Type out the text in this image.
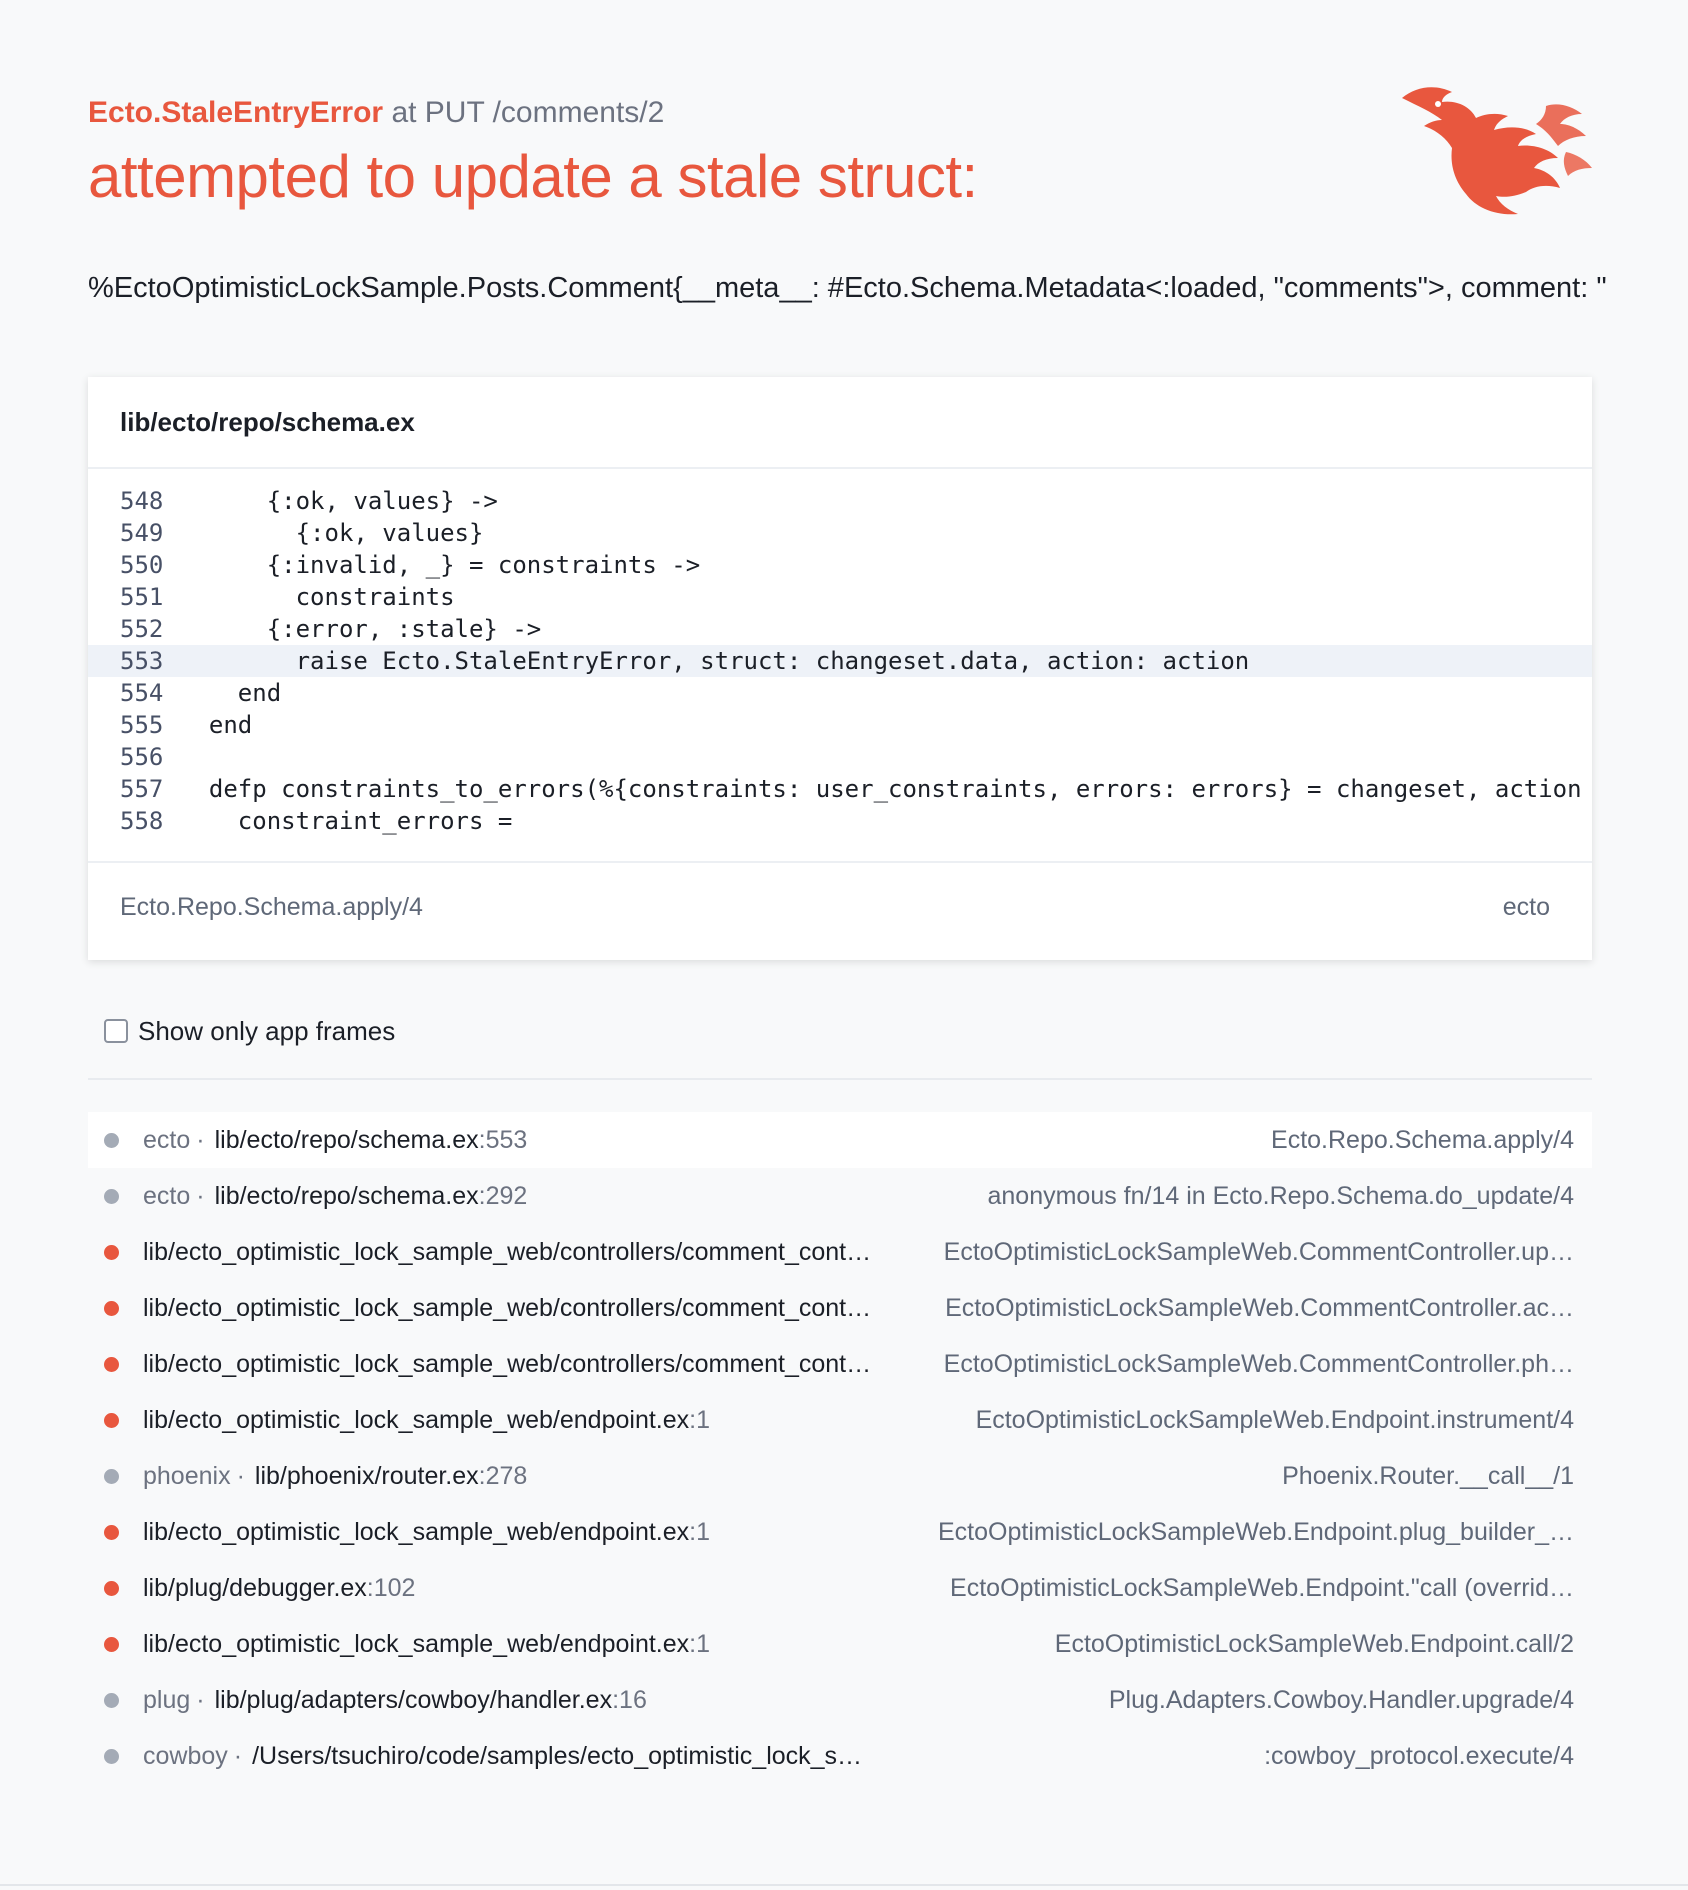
Ecto.StaleEntryError at PUT /comments/2
attempted to update a stale struct:
%EctoOptimisticLockSample.Posts.Comment{__meta__: #Ecto.Schema.Metadata<:loaded, "comments">, comment: "
lib/ecto/repo/schema.ex
548 {:ok, values} ->
549 {:ok, values}
550 {:invalid, _} = constraints ->
551 constraints
552 {:error, :stale} ->
553 raise Ecto.StaleEntryError, struct: changeset.data, action: action
554 end
555 end
556
557 defp constraints_to_errors(%{constraints: user_constraints, errors: errors} = changeset, action
558 constraint_errors =
Ecto.Repo.Schema.apply/4	ecto
Show only app frames
ecto · lib/ecto/repo/schema.ex :553	Ecto.Repo.Schema.apply/4
ecto · lib/ecto/repo/schema.ex :292	anonymous fn/14 in Ecto.Repo.Schema.do_update/4
lib/ecto_optimistic_lock_sample_web/controllers/comment_cont…	EctoOptimisticLockSampleWeb.CommentController.up…
lib/ecto_optimistic_lock_sample_web/controllers/comment_cont…	EctoOptimisticLockSampleWeb.CommentController.ac…
lib/ecto_optimistic_lock_sample_web/controllers/comment_cont…	EctoOptimisticLockSampleWeb.CommentController.ph…
lib/ecto_optimistic_lock_sample_web/endpoint.ex :1	EctoOptimisticLockSampleWeb.Endpoint.instrument/4
phoenix · lib/phoenix/router.ex :278	Phoenix.Router.__call__/1
lib/ecto_optimistic_lock_sample_web/endpoint.ex :1	EctoOptimisticLockSampleWeb.Endpoint.plug_builder_…
lib/plug/debugger.ex :102	EctoOptimisticLockSampleWeb.Endpoint."call (overrid…
lib/ecto_optimistic_lock_sample_web/endpoint.ex :1	EctoOptimisticLockSampleWeb.Endpoint.call/2
plug · lib/plug/adapters/cowboy/handler.ex :16	Plug.Adapters.Cowboy.Handler.upgrade/4
cowboy · /Users/tsuchiro/code/samples/ecto_optimistic_lock_s…	:cowboy_protocol.execute/4
